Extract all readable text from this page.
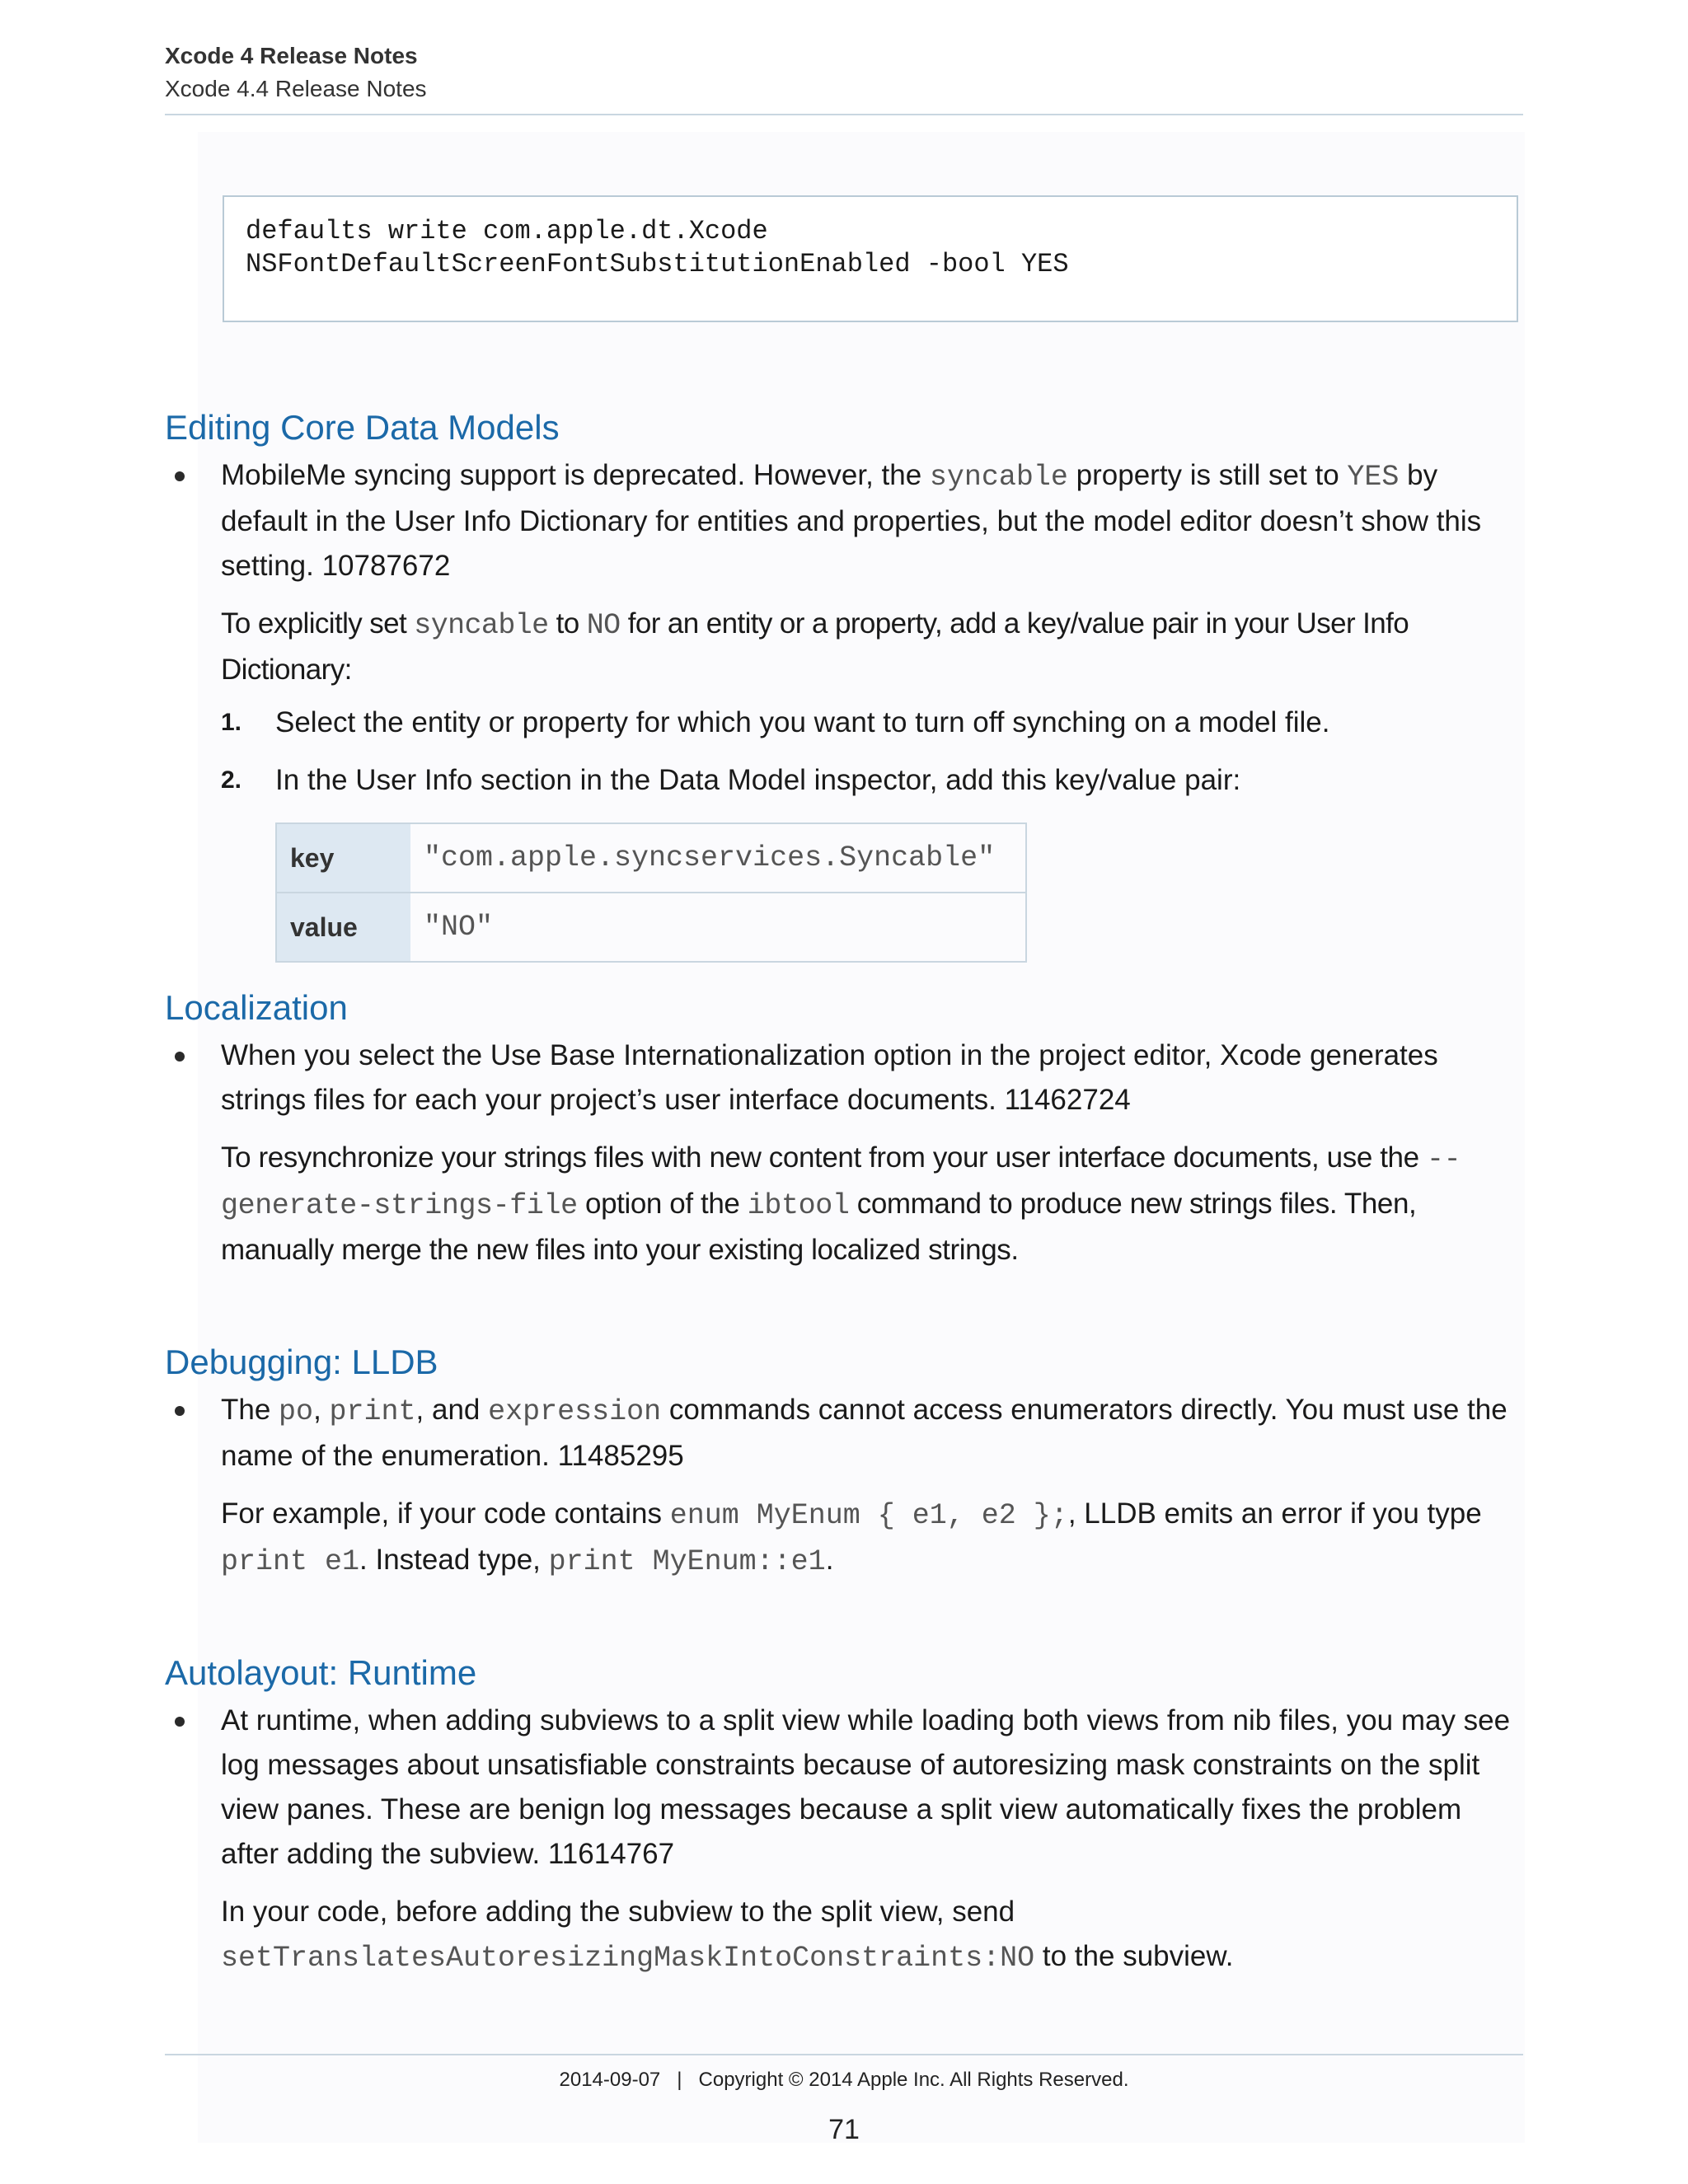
Xcode 4 Release Notes
Xcode 4.4 Release Notes
defaults write com.apple.dt.Xcode
NSFontDefaultScreenFontSubstitutionEnabled -bool YES
Editing Core Data Models

MobileMe syncing support is deprecated. However, the syncable property is still set to YES by default in the User Info Dictionary for entities and properties, but the model editor doesn’t show this setting. 10787672

To explicitly set syncable to NO for an entity or a property, add a key/value pair in your User Info Dictionary:

1. Select the entity or property for which you want to turn off synching on a model file.
2. In the User Info section in the Data Model inspector, add this key/value pair:
key	"com.apple.syncservices.Syncable"
value	"NO"
Localization

When you select the Use Base Internationalization option in the project editor, Xcode generates strings files for each your project’s user interface documents. 11462724

To resynchronize your strings files with new content from your user interface documents, use the --generate-strings-file option of the ibtool command to produce new strings files. Then, manually merge the new files into your existing localized strings.

Debugging: LLDB

The po, print, and expression commands cannot access enumerators directly. You must use the name of the enumeration. 11485295

For example, if your code contains enum MyEnum { e1, e2 };, LLDB emits an error if you type print e1. Instead type, print MyEnum::e1.

Autolayout: Runtime

At runtime, when adding subviews to a split view while loading both views from nib files, you may see log messages about unsatisfiable constraints because of autoresizing mask constraints on the split view panes. These are benign log messages because a split view automatically fixes the problem after adding the subview. 11614767

In your code, before adding the subview to the split view, send setTranslatesAutoresizingMaskIntoConstraints:NO to the subview.

2014-09-07 | Copyright © 2014 Apple Inc. All Rights Reserved.
71
